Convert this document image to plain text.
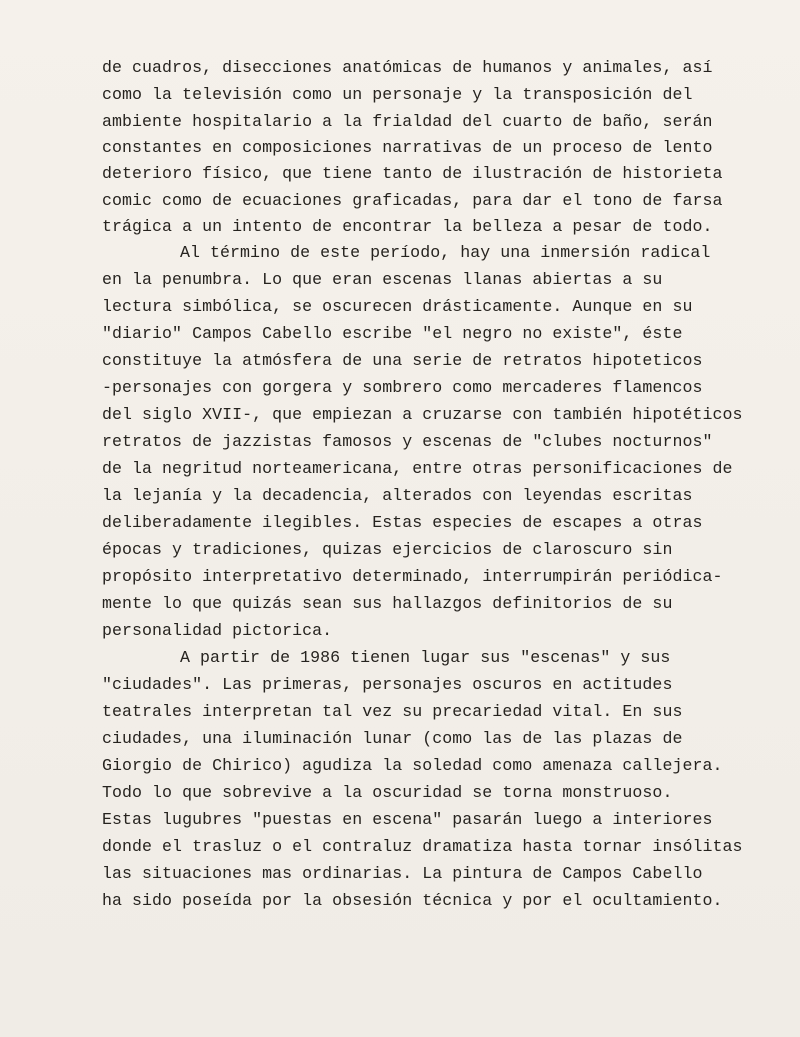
de cuadros, disecciones anatómicas de humanos y animales, así
como la televisión como un personaje y la transposición del
ambiente hospitalario a la frialdad del cuarto de baño, serán
constantes en composiciones narrativas de un proceso de lento
deterioro físico, que tiene tanto de ilustración de historieta
comic como de ecuaciones graficadas, para dar el tono de farsa
trágica a un intento de encontrar la belleza a pesar de todo.
Al término de este período, hay una inmersión radical
en la penumbra. Lo que eran escenas llanas abiertas a su
lectura simbólica, se oscurecen drásticamente. Aunque en su
"diario" Campos Cabello escribe "el negro no existe", éste
constituye la atmósfera de una serie de retratos hipoteticos
-personajes con gorgera y sombrero como mercaderes flamencos
del siglo XVII-, que empiezan a cruzarse con también hipotéticos
retratos de jazzistas famosos y escenas de "clubes nocturnos"
de la negritud norteamericana, entre otras personificaciones de
la lejanía y la decadencia, alterados con leyendas escritas
deliberadamente ilegibles. Estas especies de escapes a otras
épocas y tradiciones, quizas ejercicios de claroscuro sin
propósito interpretativo determinado, interrumpirán periódica-
mente lo que quizás sean sus hallazgos definitorios de su
personalidad pictorica.
A partir de 1986 tienen lugar sus "escenas" y sus
"ciudades". Las primeras, personajes oscuros en actitudes
teatrales interpretan tal vez su precariedad vital. En sus
ciudades, una iluminación lunar (como las de las plazas de
Giorgio de Chirico) agudiza la soledad como amenaza callejera.
Todo lo que sobrevive a la oscuridad se torna monstruoso.
Estas lugubres "puestas en escena" pasarán luego a interiores
donde el trasluz o el contraluz dramatiza hasta tornar insólitas
las situaciones mas ordinarias. La pintura de Campos Cabello
ha sido poseída por la obsesión técnica y por el ocultamiento.
